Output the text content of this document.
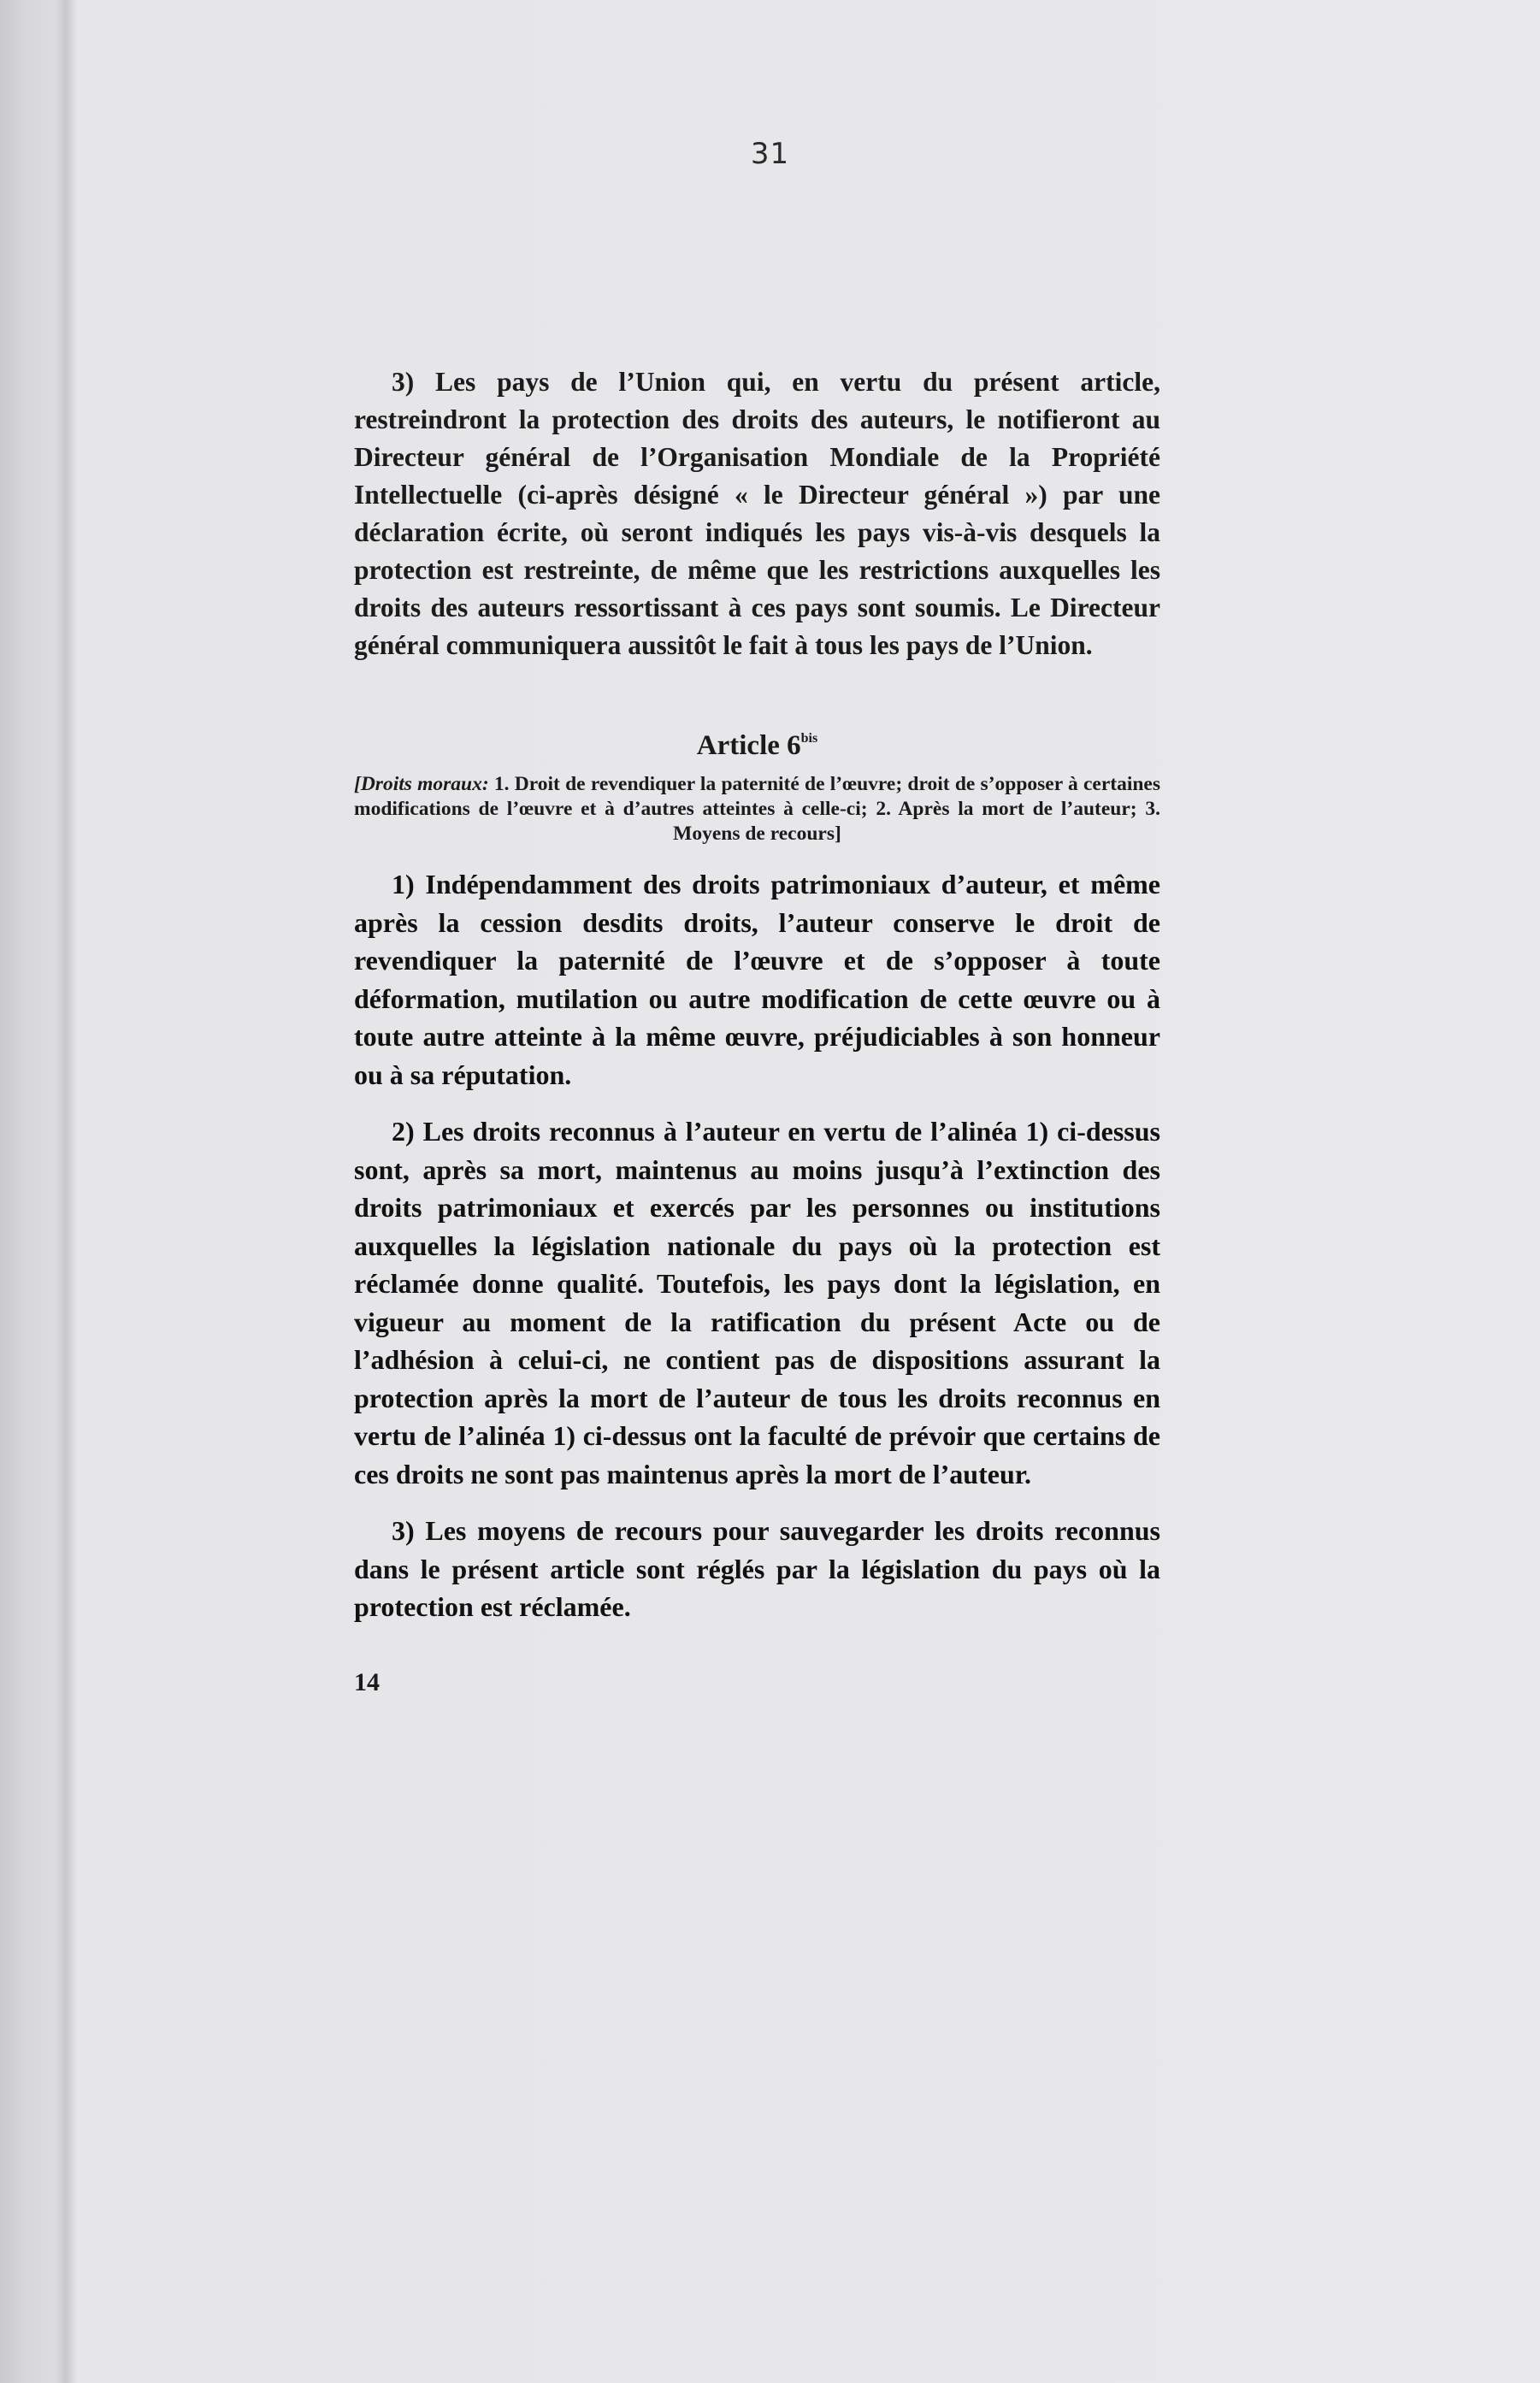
31

3) Les pays de l’Union qui, en vertu du présent article, restreindront la protection des droits des auteurs, le notifieront au Directeur général de l’Organisation Mondiale de la Propriété Intellectuelle (ci-après désigné « le Directeur général ») par une déclaration écrite, où seront indiqués les pays vis-à-vis desquels la protection est restreinte, de même que les restrictions auxquelles les droits des auteurs ressortissant à ces pays sont soumis. Le Directeur général communiquera aussitôt le fait à tous les pays de l’Union.

Article $6^{bis}$

[Droits moraux: 1. Droit de revendiquer la paternité de l’œuvre; droit de s’opposer à certaines modifications de l’œuvre et à d’autres atteintes à celle-ci; 2. Après la mort de l’auteur; 3. Moyens de recours]

1) Indépendamment des droits patrimoniaux d’auteur, et même après la cession desdits droits, l’auteur conserve le droit de revendiquer la paternité de l’œuvre et de s’opposer à toute déformation, mutilation ou autre modification de cette œuvre ou à toute autre atteinte à la même œuvre, préjudiciables à son honneur ou à sa réputation.

2) Les droits reconnus à l’auteur en vertu de l’alinéa 1) ci-dessus sont, après sa mort, maintenus au moins jusqu’à l’extinction des droits patrimoniaux et exercés par les personnes ou institutions auxquelles la législation nationale du pays où la protection est réclamée donne qualité. Toutefois, les pays dont la législation, en vigueur au moment de la ratification du présent Acte ou de l’adhésion à celui-ci, ne contient pas de dispositions assurant la protection après la mort de l’auteur de tous les droits reconnus en vertu de l’alinéa 1) ci-dessus ont la faculté de prévoir que certains de ces droits ne sont pas maintenus après la mort de l’auteur.

3) Les moyens de recours pour sauvegarder les droits reconnus dans le présent article sont réglés par la législation du pays où la protection est réclamée.

14
